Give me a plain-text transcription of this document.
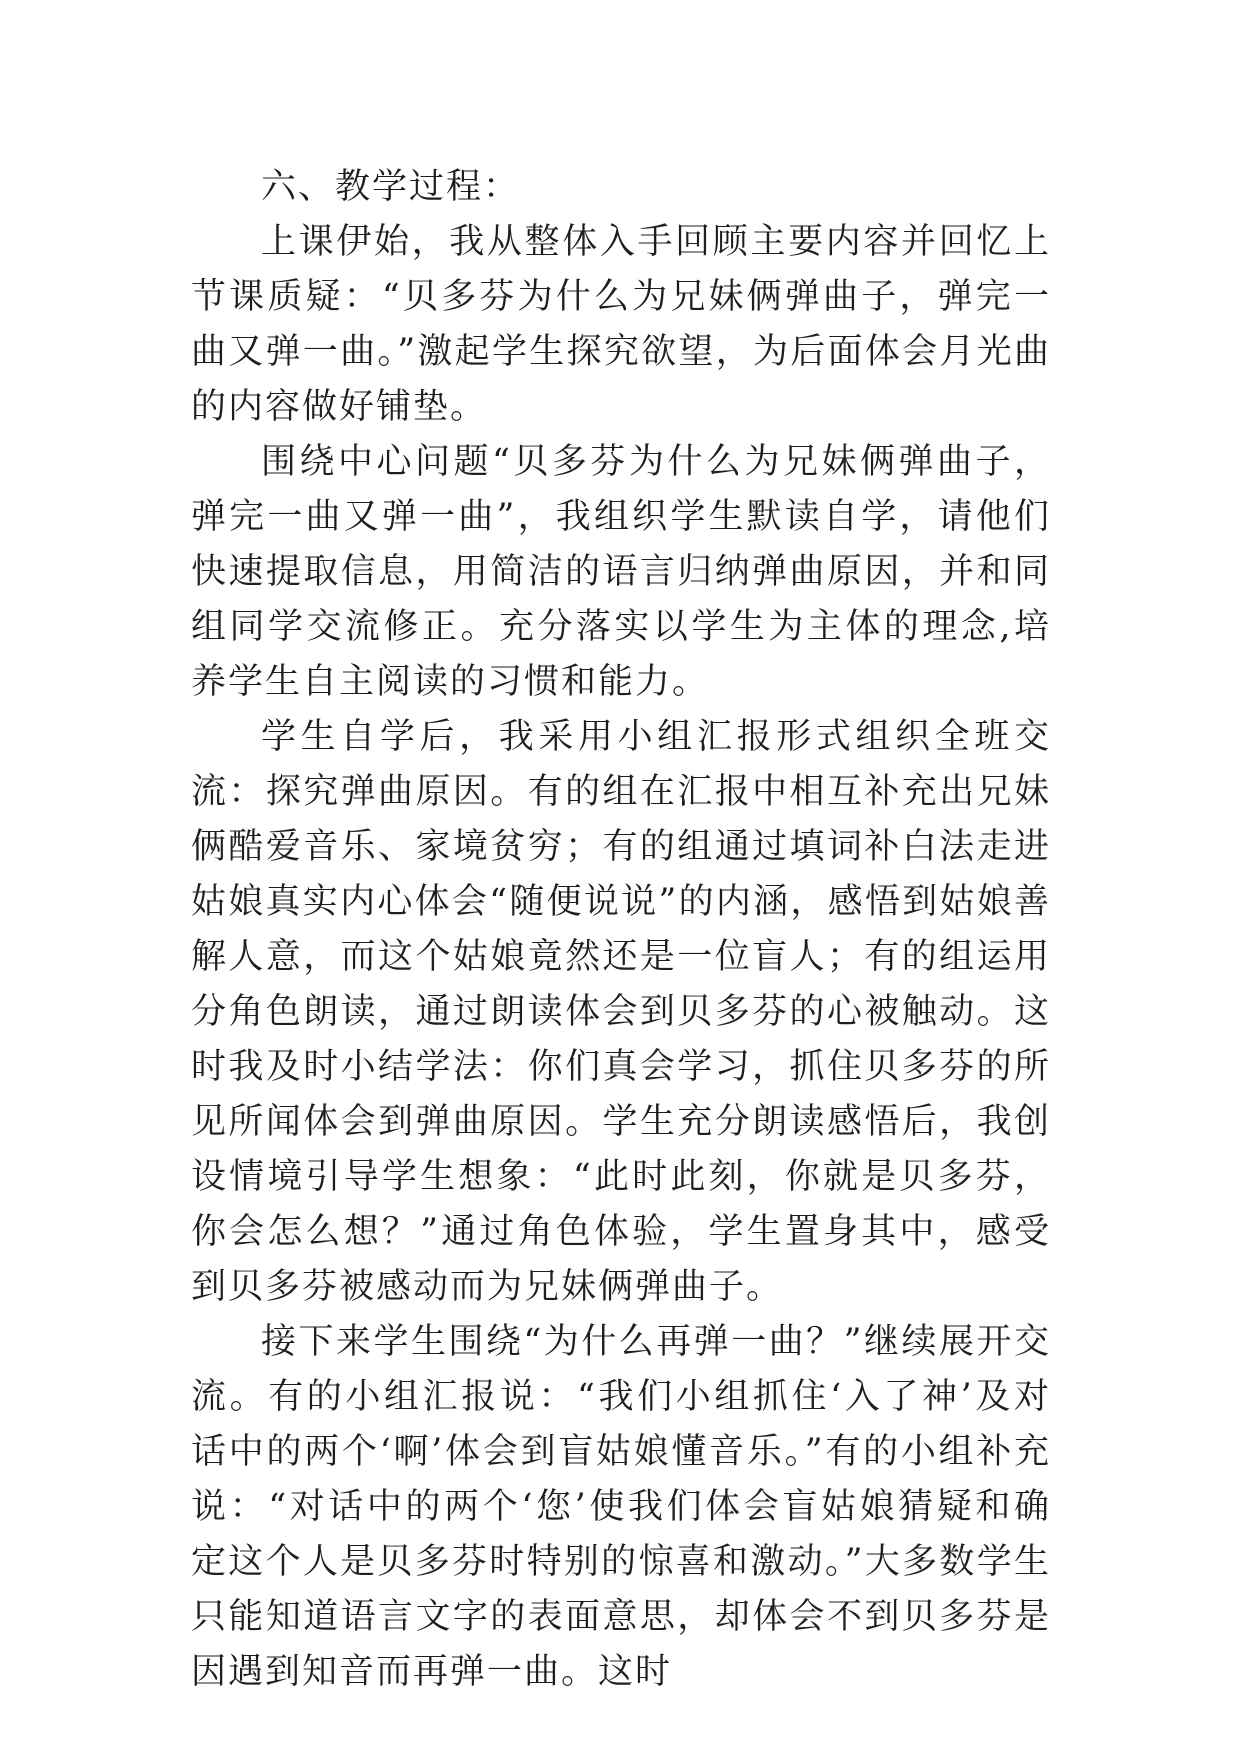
六、教学过程：

上课伊始，我从整体入手回顾主要内容并回忆上节课质疑：“贝多芬为什么为兄妹俩弹曲子，弹完一曲又弹一曲。”激起学生探究欲望，为后面体会月光曲的内容做好铺垫。

围绕中心问题“贝多芬为什么为兄妹俩弹曲子，弹完一曲又弹一曲”，我组织学生默读自学，请他们快速提取信息，用简洁的语言归纳弹曲原因，并和同组同学交流修正。充分落实以学生为主体的理念,培养学生自主阅读的习惯和能力。

学生自学后，我采用小组汇报形式组织全班交流：探究弹曲原因。有的组在汇报中相互补充出兄妹俩酷爱音乐、家境贫穷；有的组通过填词补白法走进姑娘真实内心体会“随便说说”的内涵，感悟到姑娘善解人意，而这个姑娘竟然还是一位盲人；有的组运用分角色朗读，通过朗读体会到贝多芬的心被触动。这时我及时小结学法：你们真会学习，抓住贝多芬的所见所闻体会到弹曲原因。学生充分朗读感悟后，我创设情境引导学生想象：“此时此刻，你就是贝多芬，你会怎么想？”通过角色体验，学生置身其中，感受到贝多芬被感动而为兄妹俩弹曲子。

接下来学生围绕“为什么再弹一曲？”继续展开交流。有的小组汇报说：“我们小组抓住‘入了神’及对话中的两个‘啊’体会到盲姑娘懂音乐。”有的小组补充说：“对话中的两个‘您’使我们体会盲姑娘猜疑和确定这个人是贝多芬时特别的惊喜和激动。”大多数学生只能知道语言文字的表面意思，却体会不到贝多芬是因遇到知音而再弹一曲。这时
